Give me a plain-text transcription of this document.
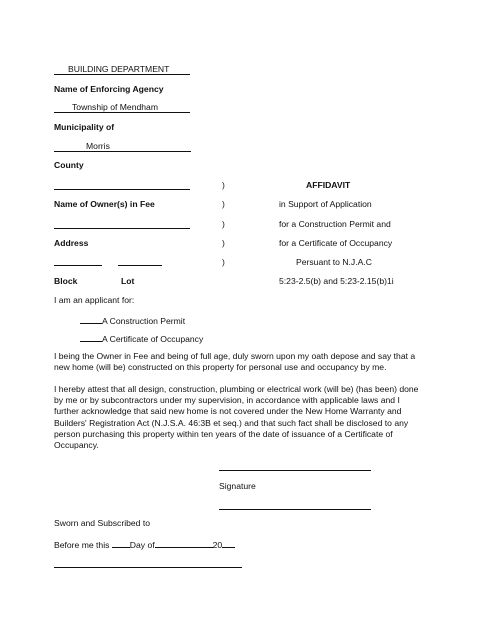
BUILDING DEPARTMENT
Name of Enforcing Agency
Township of Mendham
Municipality of
Morris
County
Name of Owner(s) in Fee
Address
Block	Lot
)
)
)
)
)
AFFIDAVIT
in Support of Application
for a Construction Permit and
for a Certificate of Occupancy
Persuant to N.J.A.C
5:23-2.5(b) and 5:23-2.15(b)1i
I am an applicant for:
A Construction Permit
A Certificate of Occupancy
I being the Owner in Fee and being of full age, duly sworn upon my oath depose and say that a new home (will be) constructed on this property for personal use and occupancy by me.
I hereby attest that all design, construction, plumbing or electrical work (will be) (has been) done by me or by subcontractors under my supervision, in accordance with applicable laws and I further acknowledge that said new home is not covered under the New Home Warranty and Builders' Registration Act (N.J.S.A. 46:3B et seq.) and that such fact shall be disclosed to any person purchasing this property within ten years of the date of issuance of a Certificate of Occupancy.
Signature
Sworn and Subscribed to
Before me this Day of	20
